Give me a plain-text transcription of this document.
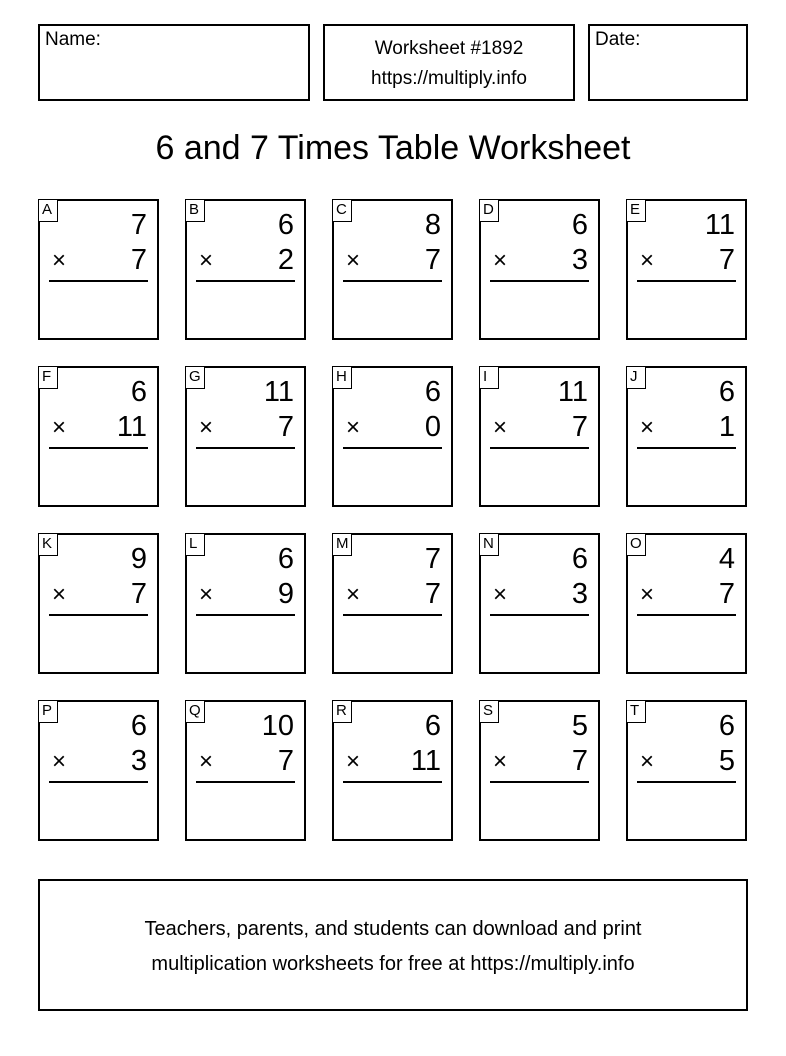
Name:	Worksheet #1892
https://multiply.info
Date:
6 and 7 Times Table Worksheet
A	7
× 7
B	6
× 2
C	8
× 7
D	6
× 3
E 11
× 7
F	6
× 11
G 11
× 7
H	6
× 0
I	11
× 7
J	6
× 1
K	9
× 7
L	6
× 9
M	7
× 7
N	6
× 3
O	4
× 7
P	6
× 3
Q 10
× 7
R	6
× 11
S	5
× 7
T	6
× 5
Teachers, parents, and students can download and print
multiplication worksheets for free at https://multiply.info
